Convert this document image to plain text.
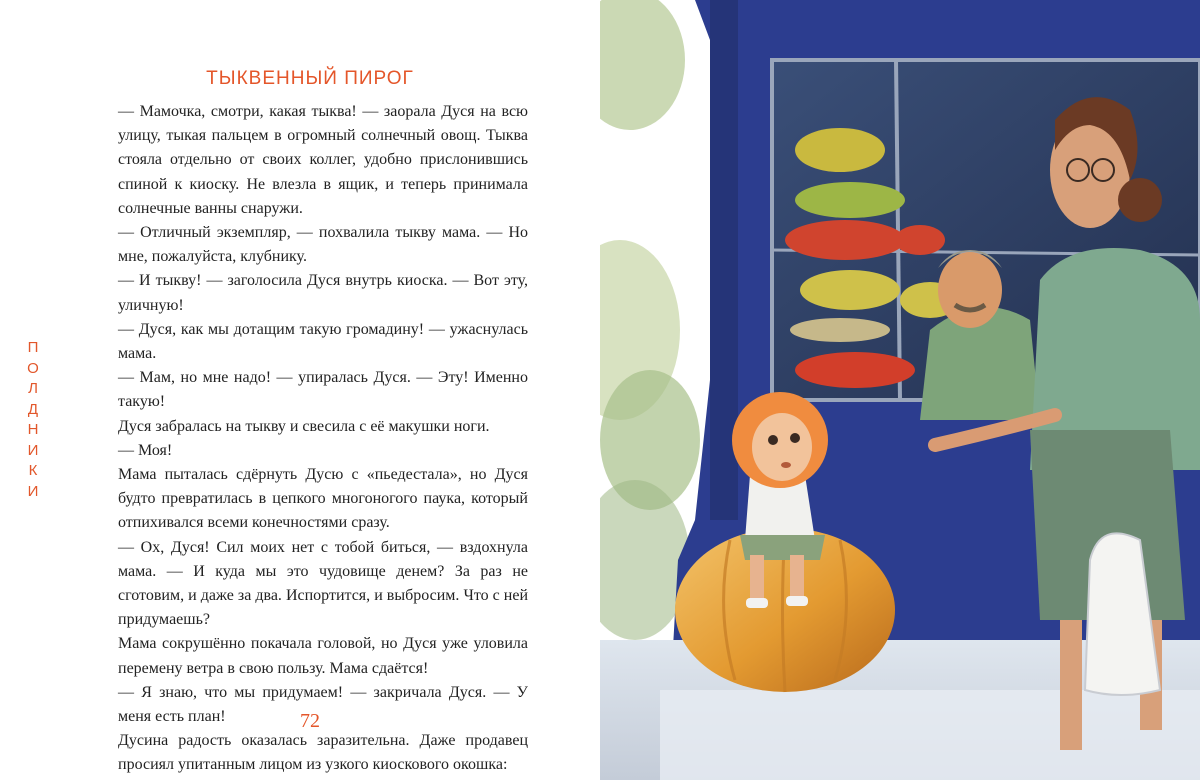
П
О
Л
Д
Н
И
К
И
ТЫКВЕННЫЙ ПИРОГ

— Мамочка, смотри, какая тыква! — заорала Дуся на всю улицу, тыкая пальцем в огромный солнечный овощ. Тыква стояла отдельно от своих коллег, удобно прислонившись спиной к киоску. Не влезла в ящик, и теперь принимала солнечные ванны снаружи.

— Отличный экземпляр, — похвалила тыкву мама. — Но мне, пожалуйста, клубнику.

— И тыкву! — заголосила Дуся внутрь киоска. — Вот эту, уличную!

— Дуся, как мы дотащим такую громадину! — ужаснулась мама.

— Мам, но мне надо! — упиралась Дуся. — Эту! Именно такую!

Дуся забралась на тыкву и свесила с её макушки ноги.

— Моя!

Мама пыталась сдёрнуть Дусю с «пьедестала», но Дуся будто превратилась в цепкого многоногого паука, который отпихивался всеми конечностями сразу.

— Ох, Дуся! Сил моих нет с тобой биться, — вздохнула мама. — И куда мы это чудовище денем? За раз не сготовим, и даже за два. Испортится, и выбросим. Что с ней придумаешь?

Мама сокрушённо покачала головой, но Дуся уже уловила перемену ветра в свою пользу. Мама сдаётся!

— Я знаю, что мы придумаем! — закричала Дуся. — У меня есть план!

Дусина радость оказалась заразительна. Даже продавец просиял упитанным лицом из узкого киоскового окошка:

72
